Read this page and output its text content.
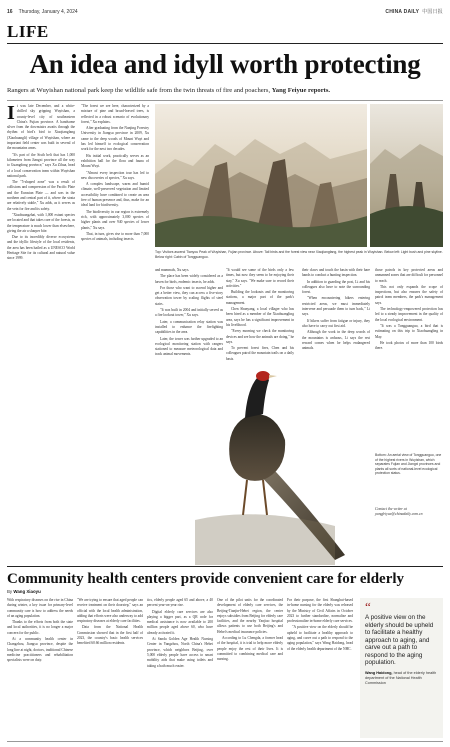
16 Thursday, January 4, 2024	CHINA DAILY 中国日报
LIFE
An idea and idyll worth protecting
Rangers at Wuyishan national park keep the wildlife safe from the twin threats of fire and poachers, Yang Feiyue reports.

It was late December, and a white-chilled sky gripping Wuyishan, a county-level city of southeastern China's Fujian province. A handsome silver from the downstairs awaits through the rhythm of bird's bird to Xiaojiangfang (Xiaohuangli) village of Wuyishan, where an important field center was built in several of the mountains areas.

"It's part of the Sixth belt that has 1,000 kilometers from Jiangxi province all the way to Guangdong province," says Xu Zihua, head of a local conservation team within Wuyishan national park.

The "5-shaped zone" was a result of collisions and compression of the Pacific Plate and the Eurasian Plate — and was in the northern and central part of it, where the strata are relatively stable," Xu adds, as it serves as the vein for fire and its safety.

"Xiaohuangzhai, with 1,000 extant species are located and that takes care of the forests, as the temperature is much lower than elsewhere, giving the air a sharper bite.

Due to its incredibly diverse ecosystems and the idyllic lifestyle of the local residents, the area has been hailed as a UNESCO World Heritage Site for its cultural and natural value since 1999.

"The forest we see here, characterized by a mixture of pine and broad-leaved trees, is reflected in a robust scenario of evolutionary forest," Xu explains.

After graduating from the Nanjing Forestry University in Jiangsu province in 2009, Xu came to the deep woods of Mount Wuyi and has led himself to ecological conservation work for the next two decades.

His initial work, practically serves as an exhibition hall for the flora and fauna of Mount Wuyi.

"Almost every inspection tour has led to new discoveries of species," Xu says.

A complex landscape, warm and humid climate, well-preserved vegetation and limited accessibility have combined to create an area free of human presence and, thus, make for an ideal land for biodiversity.

The biodiversity in our region is extremely rich, with approximately 3,000 species of higher plants and over 940 species of lower plants," Xu says.

That, in turn, gives rise to more than 7,000 species of animals, including insects.

Top: Visitors ascend Tianyou Peak of Wuyishan, Fujian province. Above: Tail birds and the forest view near Xiaojiangfang, the highest peak in Wuyishan. Below left: Light bush and pine skyline. Below right: Cabin of Tongguanguo.

and mammals, Xu says.

The place has been widely considered as a haven for birds, endemic insects, he adds.

For those who want to ascend higher and get a better view, they can access a five-story observation tower by scaling flights of steel stairs.

"It was built in 2004 and initially served as a fire lookout tower," Xu says.

Later, a communication relay station was installed to enhance the firefighting capabilities in the area.

Later, the tower was further upgraded to an ecological monitoring station with rangers stationed to measure meteorological data and track animal movements.

"It would see some of the birds only a few times, but now they seem to be enjoying their stay," Xu says. "We make sure to record their activities."

Building the lookouts and the monitoring stations, a major part of the park's management.

Chen Shanyang, a local villager who has been hired as a member of the Xiaohuangling area, says he has a significant improvement in his livelihood.

"Every morning we check the monitoring devices and see how the animals are doing," he says.

To prevent forest fires, Chen and his colleagues patrol the mountain trails on a daily basis.

their claws and touch the basin with their bare hands to conduct a hunting inspection.

In addition to guarding the post, Li and his colleagues also have to note the surrounding forest.

"When encountering hikers entering restricted areas, we must immediately intervene and persuade them to turn back," Li says.

If hikers suffer from fatigue or injury, they also have to carry out first aid.

Although the work in the deep woods of the mountains is arduous, Li says the rest reward comes when he helps endangered animals.

those patrols in key protected areas and unmanned zones that are difficult for personnel to reach.

This not only expands the scope of inspections, but also ensures the safety of patrol team members, the park's management says.

The technology-empowered protection has led to a steady improvement in the quality of the local ecological environment.

"It was a Tongguanguo, a bird that is estimating on this trip to Xiaohuangling in May.

He took photos of more than 100 birds there.

Bottom: An aerial view of Tongguanguo, one of the highest rivers in Wuyishan, which separates Fujian and Jiangxi provinces and plants all sorts of national-level ecological protection status.
Contact the writer at yangfeiyue@chinadaily.com.cn
Community health centers provide convenient care for elderly
By Wang Xiaoyu

With respiratory diseases on the rise in China during winter, a key issue for primary-level community care is how to address the needs of an aging population.

Thanks to the efforts from both the state and local authorities, it is no longer a major concern for the public.

At a community health center in Changzhou, Jiangsu province, despite the long line at night, doctors, traditional Chinese medicine practitioners and rehabilitation specialists were on duty.

"We are trying to ensure that aged people can receive treatment on their doorstep," says an official with the local health administration, adding that efforts were also underway to add respiratory diseases at elderly care facilities.

Data from the National Health Commission showed that in the first half of 2023, the country's basic health services benefited 60.66 million residents.

tics, elderly people aged 65 and above, a 40 percent year-on-year rise.

Digital elderly care services are also playing a bigger part, as a QR code for medical assistance is now available to 200 million people aged above 60, who have already activated it.

At Sanda Golden Age Health Nursing Center in Yangzhou, North China's Hebei province, which neighbors Beijing, over 5,000 elderly people have access to smart mobility aids that make using toilets and taking a bath much easier.

One of the pilot units for the coordinated development of elderly care services, the Beijing-Tianjin-Hebei region, the center enjoys subsidies from Beijing for elderly care facilities, and the nearby Yanjiao hospital allows patients to use both Beijing's and Hebei's medical insurance policies.

According to Lu Chengda, a former head of the hospital, it is trial to help more elderly people enjoy the rest of their lives. It is committed to combining medical care and nursing.

For their purpose, the first Shanghai-based in-home nursing for the elderly was released by the Ministry of Civil Affairs in October 2023 to further standardize, normalize and professionalize in-home elderly care services.

"A positive view on the elderly should be upheld to facilitate a healthy approach to aging, and carve out a path to respond to the aging population," says Wang Haidong, head of the elderly health department of the NHC.

“
A positive view on the elderly should be upheld to facilitate a healthy approach to aging, and carve out a path to respond to the aging population.
Wang Haidong, head of the elderly health department of the National Health Commission
